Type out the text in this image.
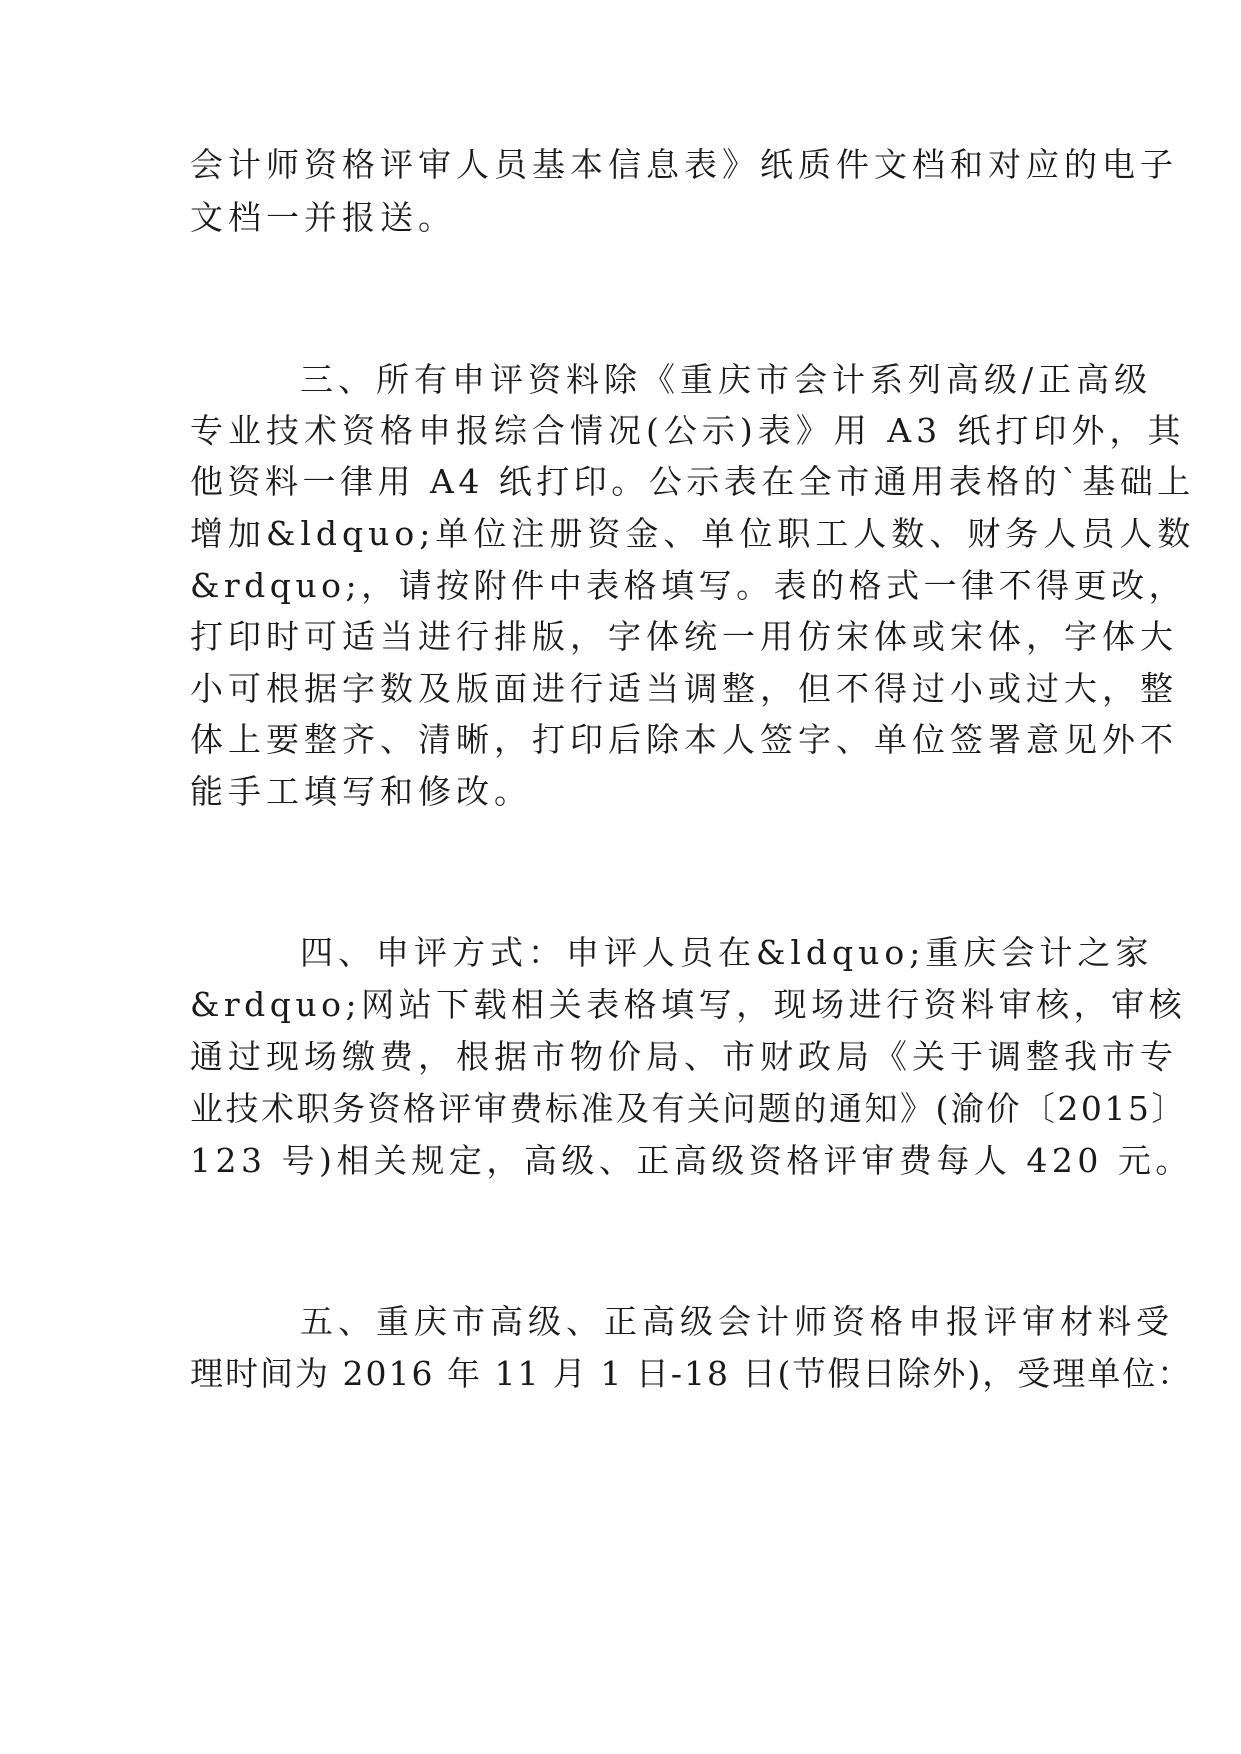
会计师资格评审人员基本信息表》纸质件文档和对应的电子
文档一并报送。
三、所有申评资料除《重庆市会计系列高级/正高级
专业技术资格申报综合情况(公示)表》用 A3 纸打印外，其
他资料一律用 A4 纸打印。公示表在全市通用表格的`基础上
增加&ldquo;单位注册资金、单位职工人数、财务人员人数
&rdquo;，请按附件中表格填写。表的格式一律不得更改，
打印时可适当进行排版，字体统一用仿宋体或宋体，字体大
小可根据字数及版面进行适当调整，但不得过小或过大，整
体上要整齐、清晰，打印后除本人签字、单位签署意见外不
能手工填写和修改。
四、申评方式：申评人员在&ldquo;重庆会计之家
&rdquo;网站下载相关表格填写，现场进行资料审核，审核
通过现场缴费，根据市物价局、市财政局《关于调整我市专
业技术职务资格评审费标准及有关问题的通知》(渝价〔2015〕
123 号)相关规定，高级、正高级资格评审费每人 420 元。
五、重庆市高级、正高级会计师资格申报评审材料受
理时间为 2016 年 11 月 1 日-18 日(节假日除外)，受理单位：
